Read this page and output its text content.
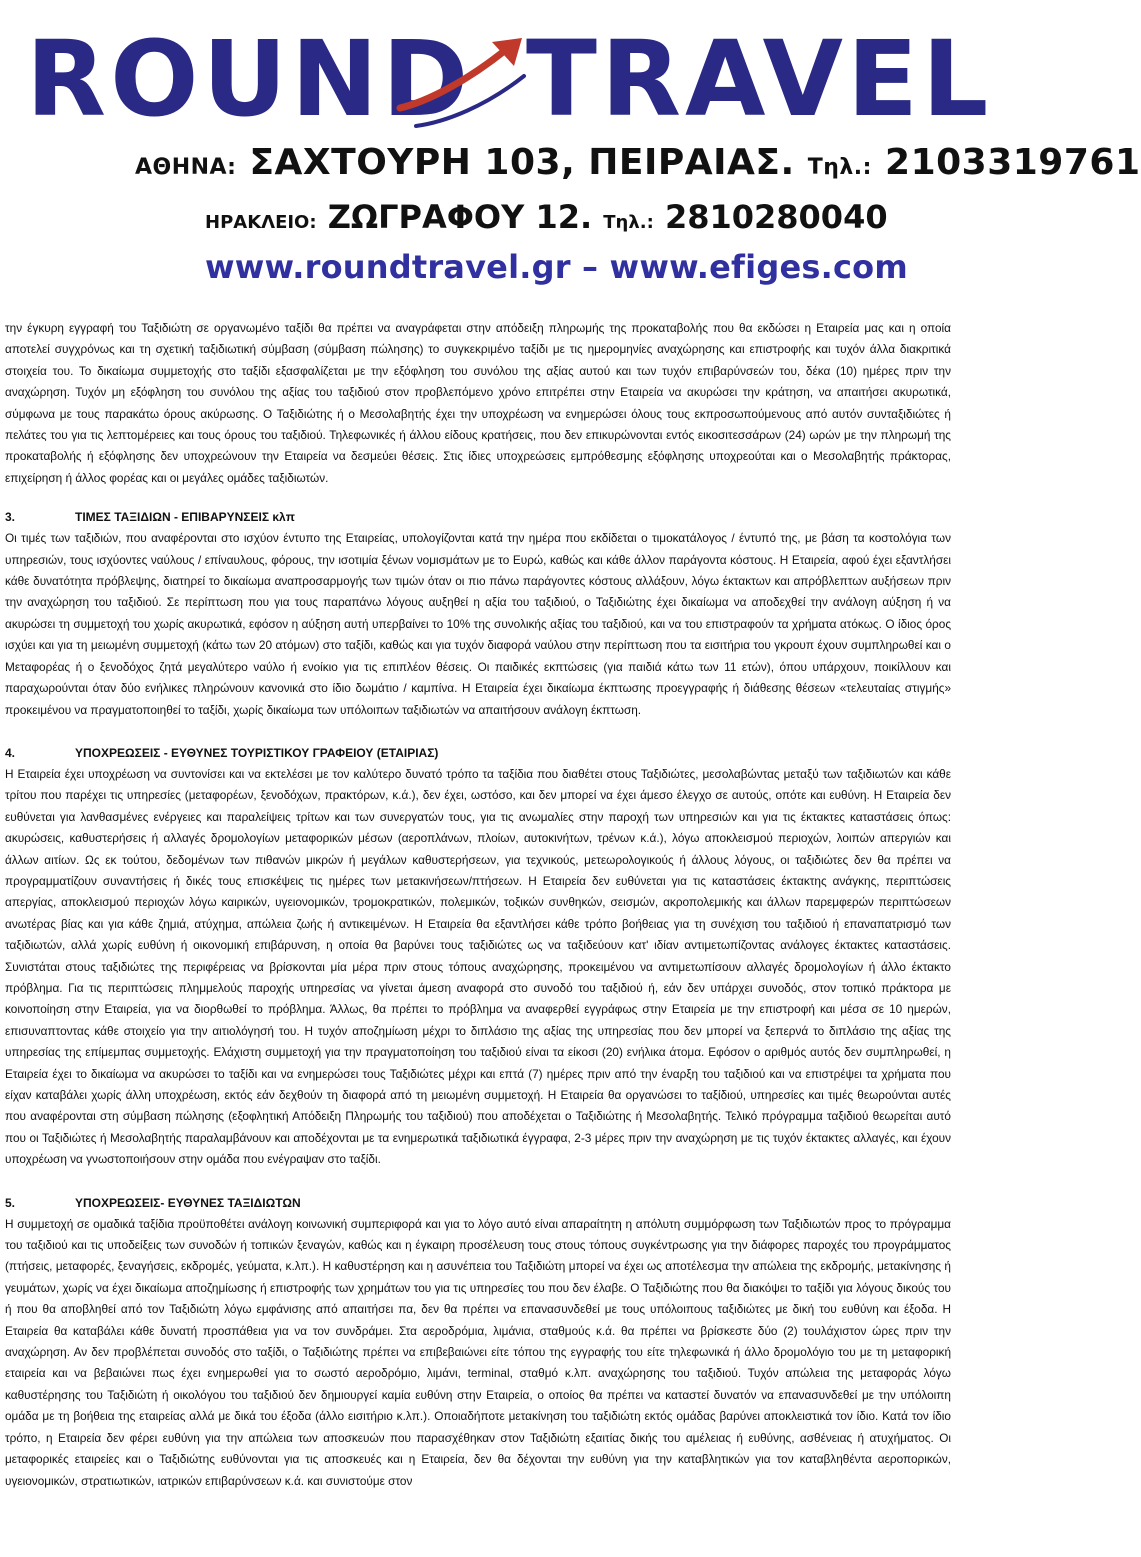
ROUND TRAVEL
ΑΘΗΝΑ: ΣΑΧΤΟΥΡΗ 103, ΠΕΙΡΑΙΑΣ. Τηλ.: 2103319761
ΗΡΑΚΛΕΙΟ: ΖΩΓΡΑΦΟΥ 12. Τηλ.: 2810280040
www.roundtravel.gr – www.efiges.com

την έγκυρη εγγραφή του Ταξιδιώτη σε οργανωμένο ταξίδι θα πρέπει να αναγράφεται στην απόδειξη πληρωμής της προκαταβολής που θα εκδώσει η Εταιρεία μας και η οποία αποτελεί συγχρόνως και τη σχετική ταξιδιωτική σύμβαση (σύμβαση πώλησης) το συγκεκριμένο ταξίδι με τις ημερομηνίες αναχώρησης και επιστροφής και τυχόν άλλα διακριτικά στοιχεία του. Το δικαίωμα συμμετοχής στο ταξίδι εξασφαλίζεται με την εξόφληση του συνόλου της αξίας αυτού και των τυχόν επιβαρύνσεών του, δέκα (10) ημέρες πριν την αναχώρηση. Τυχόν μη εξόφληση του συνόλου της αξίας του ταξιδιού στον προβλεπόμενο χρόνο επιτρέπει στην Εταιρεία να ακυρώσει την κράτηση, να απαιτήσει ακυρωτικά, σύμφωνα με τους παρακάτω όρους ακύρωσης. Ο Ταξιδιώτης ή ο Μεσολαβητής έχει την υποχρέωση να ενημερώσει όλους τους εκπροσωπούμενους από αυτόν συνταξιδιώτες ή πελάτες του για τις λεπτομέρειες και τους όρους του ταξιδιού. Τηλεφωνικές ή άλλου είδους κρατήσεις, που δεν επικυρώνονται εντός εικοσιτεσσάρων (24) ωρών με την πληρωμή της προκαταβολής ή εξόφλησης δεν υποχρεώνουν την Εταιρεία να δεσμεύει θέσεις. Στις ίδιες υποχρεώσεις εμπρόθεσμης εξόφλησης υποχρεούται και ο Μεσολαβητής πράκτορας, επιχείρηση ή άλλος φορέας και οι μεγάλες ομάδες ταξιδιωτών.

3.	ΤΙΜΕΣ ΤΑΞΙΔΙΩΝ - ΕΠΙΒΑΡΥΝΣΕΙΣ κλπ

Οι τιμές των ταξιδιών, που αναφέρονται στο ισχύον έντυπο της Εταιρείας, υπολογίζονται κατά την ημέρα που εκδίδεται ο τιμοκατάλογος / έντυπό της, με βάση τα κοστολόγια των υπηρεσιών, τους ισχύοντες ναύλους / επίναυλους, φόρους, την ισοτιμία ξένων νομισμάτων με το Ευρώ, καθώς και κάθε άλλον παράγοντα κόστους. Η Εταιρεία, αφού έχει εξαντλήσει κάθε δυνατότητα πρόβλεψης, διατηρεί το δικαίωμα αναπροσαρμογής των τιμών όταν οι πιο πάνω παράγοντες κόστους αλλάξουν, λόγω έκτακτων και απρόβλεπτων αυξήσεων πριν την αναχώρηση του ταξιδιού. Σε περίπτωση που για τους παραπάνω λόγους αυξηθεί η αξία του ταξιδιού, ο Ταξιδιώτης έχει δικαίωμα να αποδεχθεί την ανάλογη αύξηση ή να ακυρώσει τη συμμετοχή του χωρίς ακυρωτικά, εφόσον η αύξηση αυτή υπερβαίνει το 10% της συνολικής αξίας του ταξιδιού, και να του επιστραφούν τα χρήματα ατόκως. Ο ίδιος όρος ισχύει και για τη μειωμένη συμμετοχή (κάτω των 20 ατόμων) στο ταξίδι, καθώς και για τυχόν διαφορά ναύλου στην περίπτωση που τα εισιτήρια του γκρουπ έχουν συμπληρωθεί και ο Μεταφορέας ή ο ξενοδόχος ζητά μεγαλύτερο ναύλο ή ενοίκιο για τις επιπλέον θέσεις. Οι παιδικές εκπτώσεις (για παιδιά κάτω των 11 ετών), όπου υπάρχουν, ποικίλλουν και παραχωρούνται όταν δύο ενήλικες πληρώνουν κανονικά στο ίδιο δωμάτιο / καμπίνα. Η Εταιρεία έχει δικαίωμα έκπτωσης προεγγραφής ή διάθεσης θέσεων «τελευταίας στιγμής» προκειμένου να πραγματοποιηθεί το ταξίδι, χωρίς δικαίωμα των υπόλοιπων ταξιδιωτών να απαιτήσουν ανάλογη έκπτωση.

4.	ΥΠΟΧΡΕΩΣΕΙΣ - ΕΥΘΥΝΕΣ ΤΟΥΡΙΣΤΙΚΟΥ ΓΡΑΦΕΙΟΥ (ΕΤΑΙΡΙΑΣ)

Η Εταιρεία έχει υποχρέωση να συντονίσει και να εκτελέσει με τον καλύτερο δυνατό τρόπο τα ταξίδια που διαθέτει στους Ταξιδιώτες, μεσολαβώντας μεταξύ των ταξιδιωτών και κάθε τρίτου που παρέχει τις υπηρεσίες (μεταφορέων, ξενοδόχων, πρακτόρων, κ.ά.), δεν έχει, ωστόσο, και δεν μπορεί να έχει άμεσο έλεγχο σε αυτούς, οπότε και ευθύνη. Η Εταιρεία δεν ευθύνεται για λανθασμένες ενέργειες και παραλείψεις τρίτων και των συνεργατών τους, για τις ανωμαλίες στην παροχή των υπηρεσιών και για τις έκτακτες καταστάσεις όπως: ακυρώσεις, καθυστερήσεις ή αλλαγές δρομολογίων μεταφορικών μέσων (αεροπλάνων, πλοίων, αυτοκινήτων, τρένων κ.ά.), λόγω αποκλεισμού περιοχών, λοιπών απεργιών και άλλων αιτίων. Ως εκ τούτου, δεδομένων των πιθανών μικρών ή μεγάλων καθυστερήσεων, για τεχνικούς, μετεωρολογικούς ή άλλους λόγους, οι ταξιδιώτες δεν θα πρέπει να προγραμματίζουν συναντήσεις ή δικές τους επισκέψεις τις ημέρες των μετακινήσεων/πτήσεων. Η Εταιρεία δεν ευθύνεται για τις καταστάσεις έκτακτης ανάγκης, περιπτώσεις απεργίας, αποκλεισμού περιοχών λόγω καιρικών, υγειονομικών, τρομοκρατικών, πολεμικών, τοξικών συνθηκών, σεισμών, ακροπολεμικής και άλλων παρεμφερών περιπτώσεων ανωτέρας βίας και για κάθε ζημιά, ατύχημα, απώλεια ζωής ή αντικειμένων. Η Εταιρεία θα εξαντλήσει κάθε τρόπο βοήθειας για τη συνέχιση του ταξιδιού ή επαναπατρισμό των ταξιδιωτών, αλλά χωρίς ευθύνη ή οικονομική επιβάρυνση, η οποία θα βαρύνει τους ταξιδιώτες ως να ταξιδεύουν κατ' ιδίαν αντιμετωπίζοντας ανάλογες έκτακτες καταστάσεις. Συνιστάται στους ταξιδιώτες της περιφέρειας να βρίσκονται μία μέρα πριν στους τόπους αναχώρησης, προκειμένου να αντιμετωπίσουν αλλαγές δρομολογίων ή άλλο έκτακτο πρόβλημα. Για τις περιπτώσεις πλημμελούς παροχής υπηρεσίας να γίνεται άμεση αναφορά στο συνοδό του ταξιδιού ή, εάν δεν υπάρχει συνοδός, στον τοπικό πράκτορα με κοινοποίηση στην Εταιρεία, για να διορθωθεί το πρόβλημα. Άλλως, θα πρέπει το πρόβλημα να αναφερθεί εγγράφως στην Εταιρεία με την επιστροφή και μέσα σε 10 ημερών, επισυναπτοντας κάθε στοιχείο για την αιτιολόγησή του. Η τυχόν αποζημίωση μέχρι το διπλάσιο της αξίας της υπηρεσίας που δεν μπορεί να ξεπερνά το διπλάσιο της αξίας της υπηρεσίας της επίμεμπας συμμετοχής. Ελάχιστη συμμετοχή για την πραγματοποίηση του ταξιδιού είναι τα είκοσι (20) ενήλικα άτομα. Εφόσον ο αριθμός αυτός δεν συμπληρωθεί, η Εταιρεία έχει το δικαίωμα να ακυρώσει το ταξίδι και να ενημερώσει τους Ταξιδιώτες μέχρι και επτά (7) ημέρες πριν από την έναρξη του ταξιδιού και να επιστρέψει τα χρήματα που είχαν καταβάλει χωρίς άλλη υποχρέωση, εκτός εάν δεχθούν τη διαφορά από τη μειωμένη συμμετοχή. Η Εταιρεία θα οργανώσει το ταξίδιού, υπηρεσίες και τιμές θεωρούνται αυτές που αναφέρονται στη σύμβαση πώλησης (εξοφλητική Απόδειξη Πληρωμής του ταξιδιού) που αποδέχεται ο Ταξιδιώτης ή Μεσολαβητής. Τελικό πρόγραμμα ταξιδιού θεωρείται αυτό που οι Ταξιδιώτες ή Μεσολαβητής παραλαμβάνουν και αποδέχονται με τα ενημερωτικά ταξιδιωτικά έγγραφα, 2-3 μέρες πριν την αναχώρηση με τις τυχόν έκτακτες αλλαγές, και έχουν υποχρέωση να γνωστοποιήσουν στην ομάδα που ενέγραψαν στο ταξίδι.

5.	ΥΠΟΧΡΕΩΣΕΙΣ- ΕΥΘΥΝΕΣ ΤΑΞΙΔΙΩΤΩΝ

Η συμμετοχή σε ομαδικά ταξίδια προϋποθέτει ανάλογη κοινωνική συμπεριφορά και για το λόγο αυτό είναι απαραίτητη η απόλυτη συμμόρφωση των Ταξιδιωτών προς το πρόγραμμα του ταξιδιού και τις υποδείξεις των συνοδών ή τοπικών ξεναγών, καθώς και η έγκαιρη προσέλευση τους στους τόπους συγκέντρωσης για την διάφορες παροχές του προγράμματος (πτήσεις, μεταφορές, ξεναγήσεις, εκδρομές, γεύματα, κ.λπ.). Η καθυστέρηση και η ασυνέπεια του Ταξιδιώτη μπορεί να έχει ως αποτέλεσμα την απώλεια της εκδρομής, μετακίνησης ή γευμάτων, χωρίς να έχει δικαίωμα αποζημίωσης ή επιστροφής των χρημάτων του για τις υπηρεσίες του που δεν έλαβε. Ο Ταξιδιώτης που θα διακόψει το ταξίδι για λόγους δικούς του ή που θα αποβληθεί από τον Ταξιδιώτη λόγω εμφάνισης από απαιτήσει πα, δεν θα πρέπει να επανασυνδεθεί με τους υπόλοιπους ταξιδιώτες με δική του ευθύνη και έξοδα. Η Εταιρεία θα καταβάλει κάθε δυνατή προσπάθεια για να τον συνδράμει. Στα αεροδρόμια, λιμάνια, σταθμούς κ.ά. θα πρέπει να βρίσκεστε δύο (2) τουλάχιστον ώρες πριν την αναχώρηση. Αν δεν προβλέπεται συνοδός στο ταξίδι, ο Ταξιδιώτης πρέπει να επιβεβαιώνει είτε τόπου της εγγραφής του είτε τηλεφωνικά ή άλλο δρομολόγιο του με τη μεταφορική εταιρεία και να βεβαιώνει πως έχει ενημερωθεί για το σωστό αεροδρόμιο, λιμάνι, terminal, σταθμό κ.λπ. αναχώρησης του ταξιδιού. Τυχόν απώλεια της μεταφοράς λόγω καθυστέρησης του Ταξιδιώτη ή οικολόγου του ταξιδιού δεν δημιουργεί καμία ευθύνη στην Εταιρεία, ο οποίος θα πρέπει να καταστεί δυνατόν να επανασυνδεθεί με την υπόλοιπη ομάδα με τη βοήθεια της εταιρείας αλλά με δικά του έξοδα (άλλο εισιτήριο κ.λπ.). Οποιαδήποτε μετακίνηση του ταξιδιώτη εκτός ομάδας βαρύνει αποκλειστικά τον ίδιο. Κατά τον ίδιο τρόπο, η Εταιρεία δεν φέρει ευθύνη για την απώλεια των αποσκευών που παρασχέθηκαν στον Ταξιδιώτη εξαιτίας δικής του αμέλειας ή ευθύνης, ασθένειας ή ατυχήματος. Οι μεταφορικές εταιρείες και ο Ταξιδιώτης ευθύνονται για τις αποσκευές και η Εταιρεία, δεν θα δέχονται την ευθύνη για την καταβλητικών για τον καταβληθέντα αεροπορικών, υγειονομικών, στρατιωτικών, ιατρικών επιβαρύνσεων κ.ά. και συνιστούμε στον
